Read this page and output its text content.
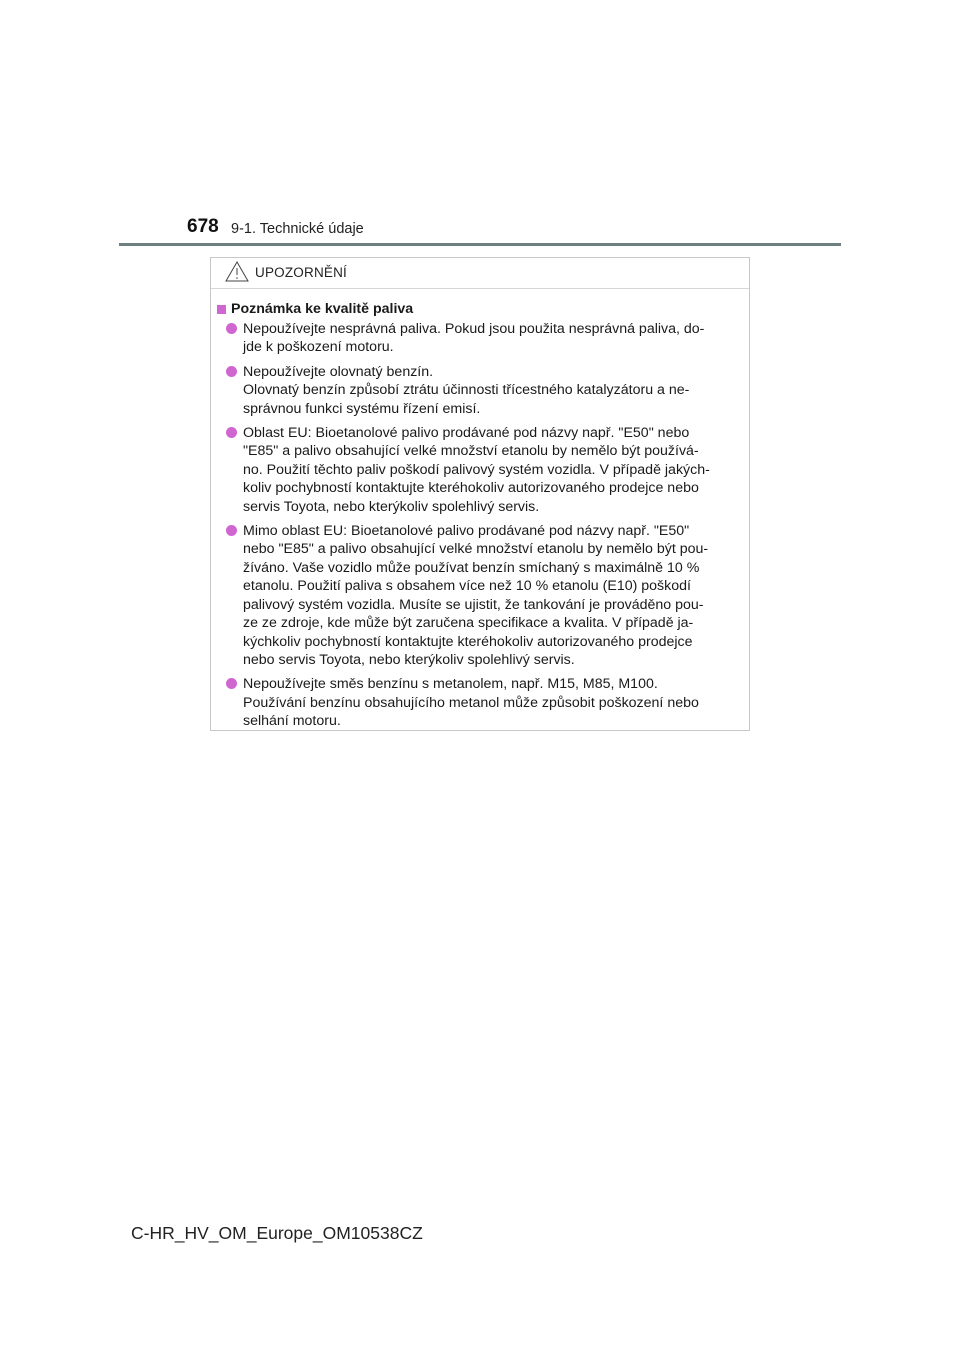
678 9-1. Technické údaje
UPOZORNĚNÍ
Poznámka ke kvalitě paliva
Nepoužívejte nesprávná paliva. Pokud jsou použita nesprávná paliva, do-
jde k poškození motoru.
Nepoužívejte olovnatý benzín.
Olovnatý benzín způsobí ztrátu účinnosti třícestného katalyzátoru a ne-
správnou funkci systému řízení emisí.
Oblast EU: Bioetanolové palivo prodávané pod názvy např. "E50" nebo
"E85" a palivo obsahující velké množství etanolu by nemělo být používá-
no. Použití těchto paliv poškodí palivový systém vozidla. V případě jakých-
koliv pochybností kontaktujte kteréhokoliv autorizovaného prodejce nebo
servis Toyota, nebo kterýkoliv spolehlivý servis.
Mimo oblast EU: Bioetanolové palivo prodávané pod názvy např. "E50"
nebo "E85" a palivo obsahující velké množství etanolu by nemělo být pou-
žíváno. Vaše vozidlo může používat benzín smíchaný s maximálně 10 %
etanolu. Použití paliva s obsahem více než 10 % etanolu (E10) poškodí
palivový systém vozidla. Musíte se ujistit, že tankování je prováděno pou-
ze ze zdroje, kde může být zaručena specifikace a kvalita. V případě ja-
kýchkoliv pochybností kontaktujte kteréhokoliv autorizovaného prodejce
nebo servis Toyota, nebo kterýkoliv spolehlivý servis.
Nepoužívejte směs benzínu s metanolem, např. M15, M85, M100.
Používání benzínu obsahujícího metanol může způsobit poškození nebo
selhání motoru.
C-HR_HV_OM_Europe_OM10538CZ
